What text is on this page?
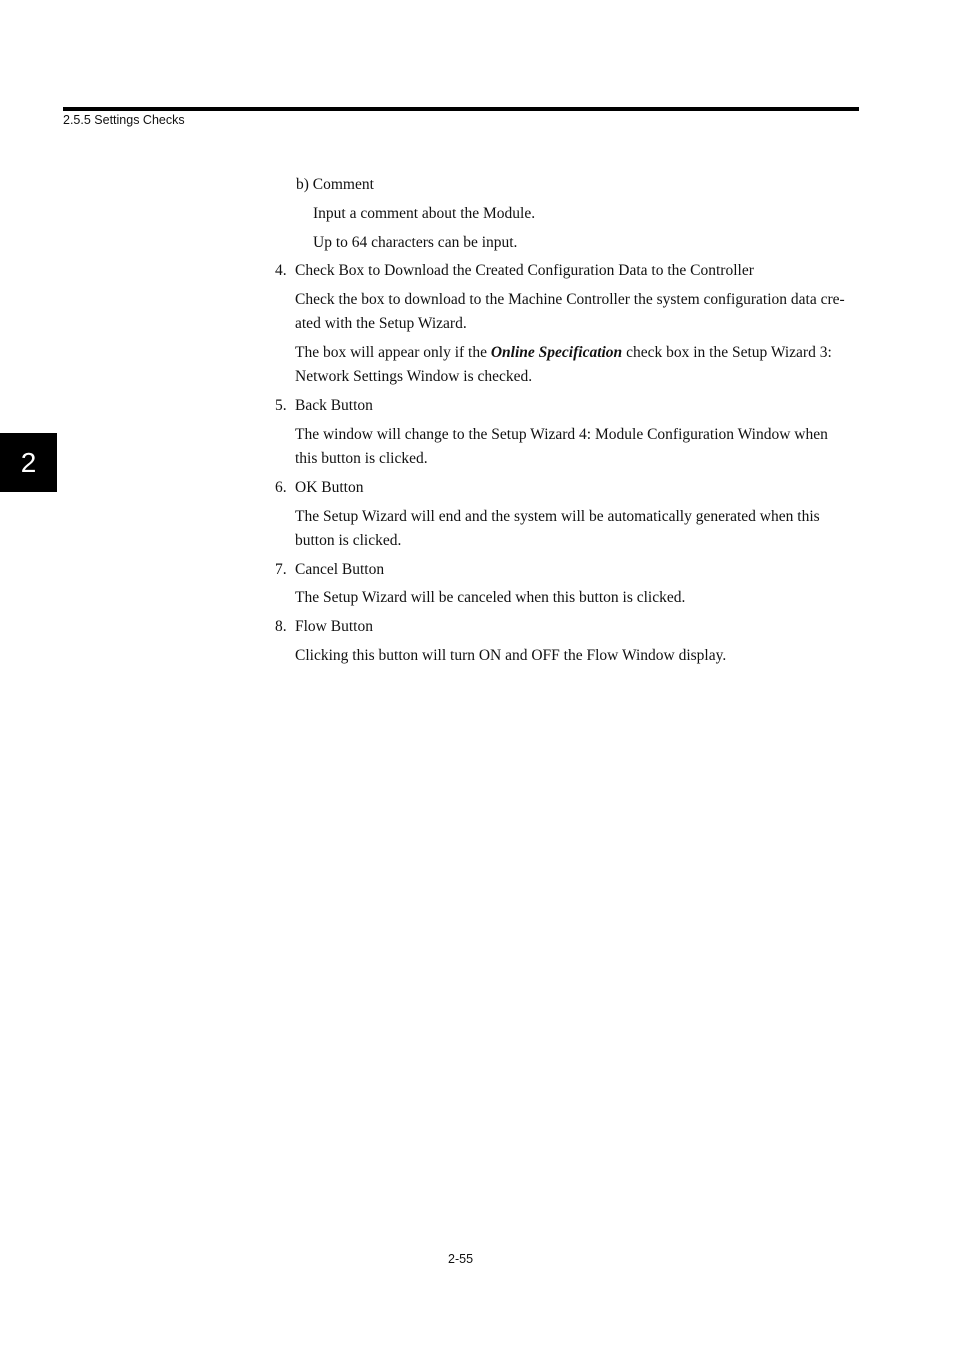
2.5.5 Settings Checks
2
b) Comment
Input a comment about the Module.
Up to 64 characters can be input.
4. Check Box to Download the Created Configuration Data to the Controller
Check the box to download to the Machine Controller the system configuration data cre-
ated with the Setup Wizard.
The box will appear only if the Online Specification check box in the Setup Wizard 3:
Network Settings Window is checked.
5. Back Button
The window will change to the Setup Wizard 4: Module Configuration Window when
this button is clicked.
6. OK Button
The Setup Wizard will end and the system will be automatically generated when this
button is clicked.
7. Cancel Button
The Setup Wizard will be canceled when this button is clicked.
8. Flow Button
Clicking this button will turn ON and OFF the Flow Window display.
2-55
